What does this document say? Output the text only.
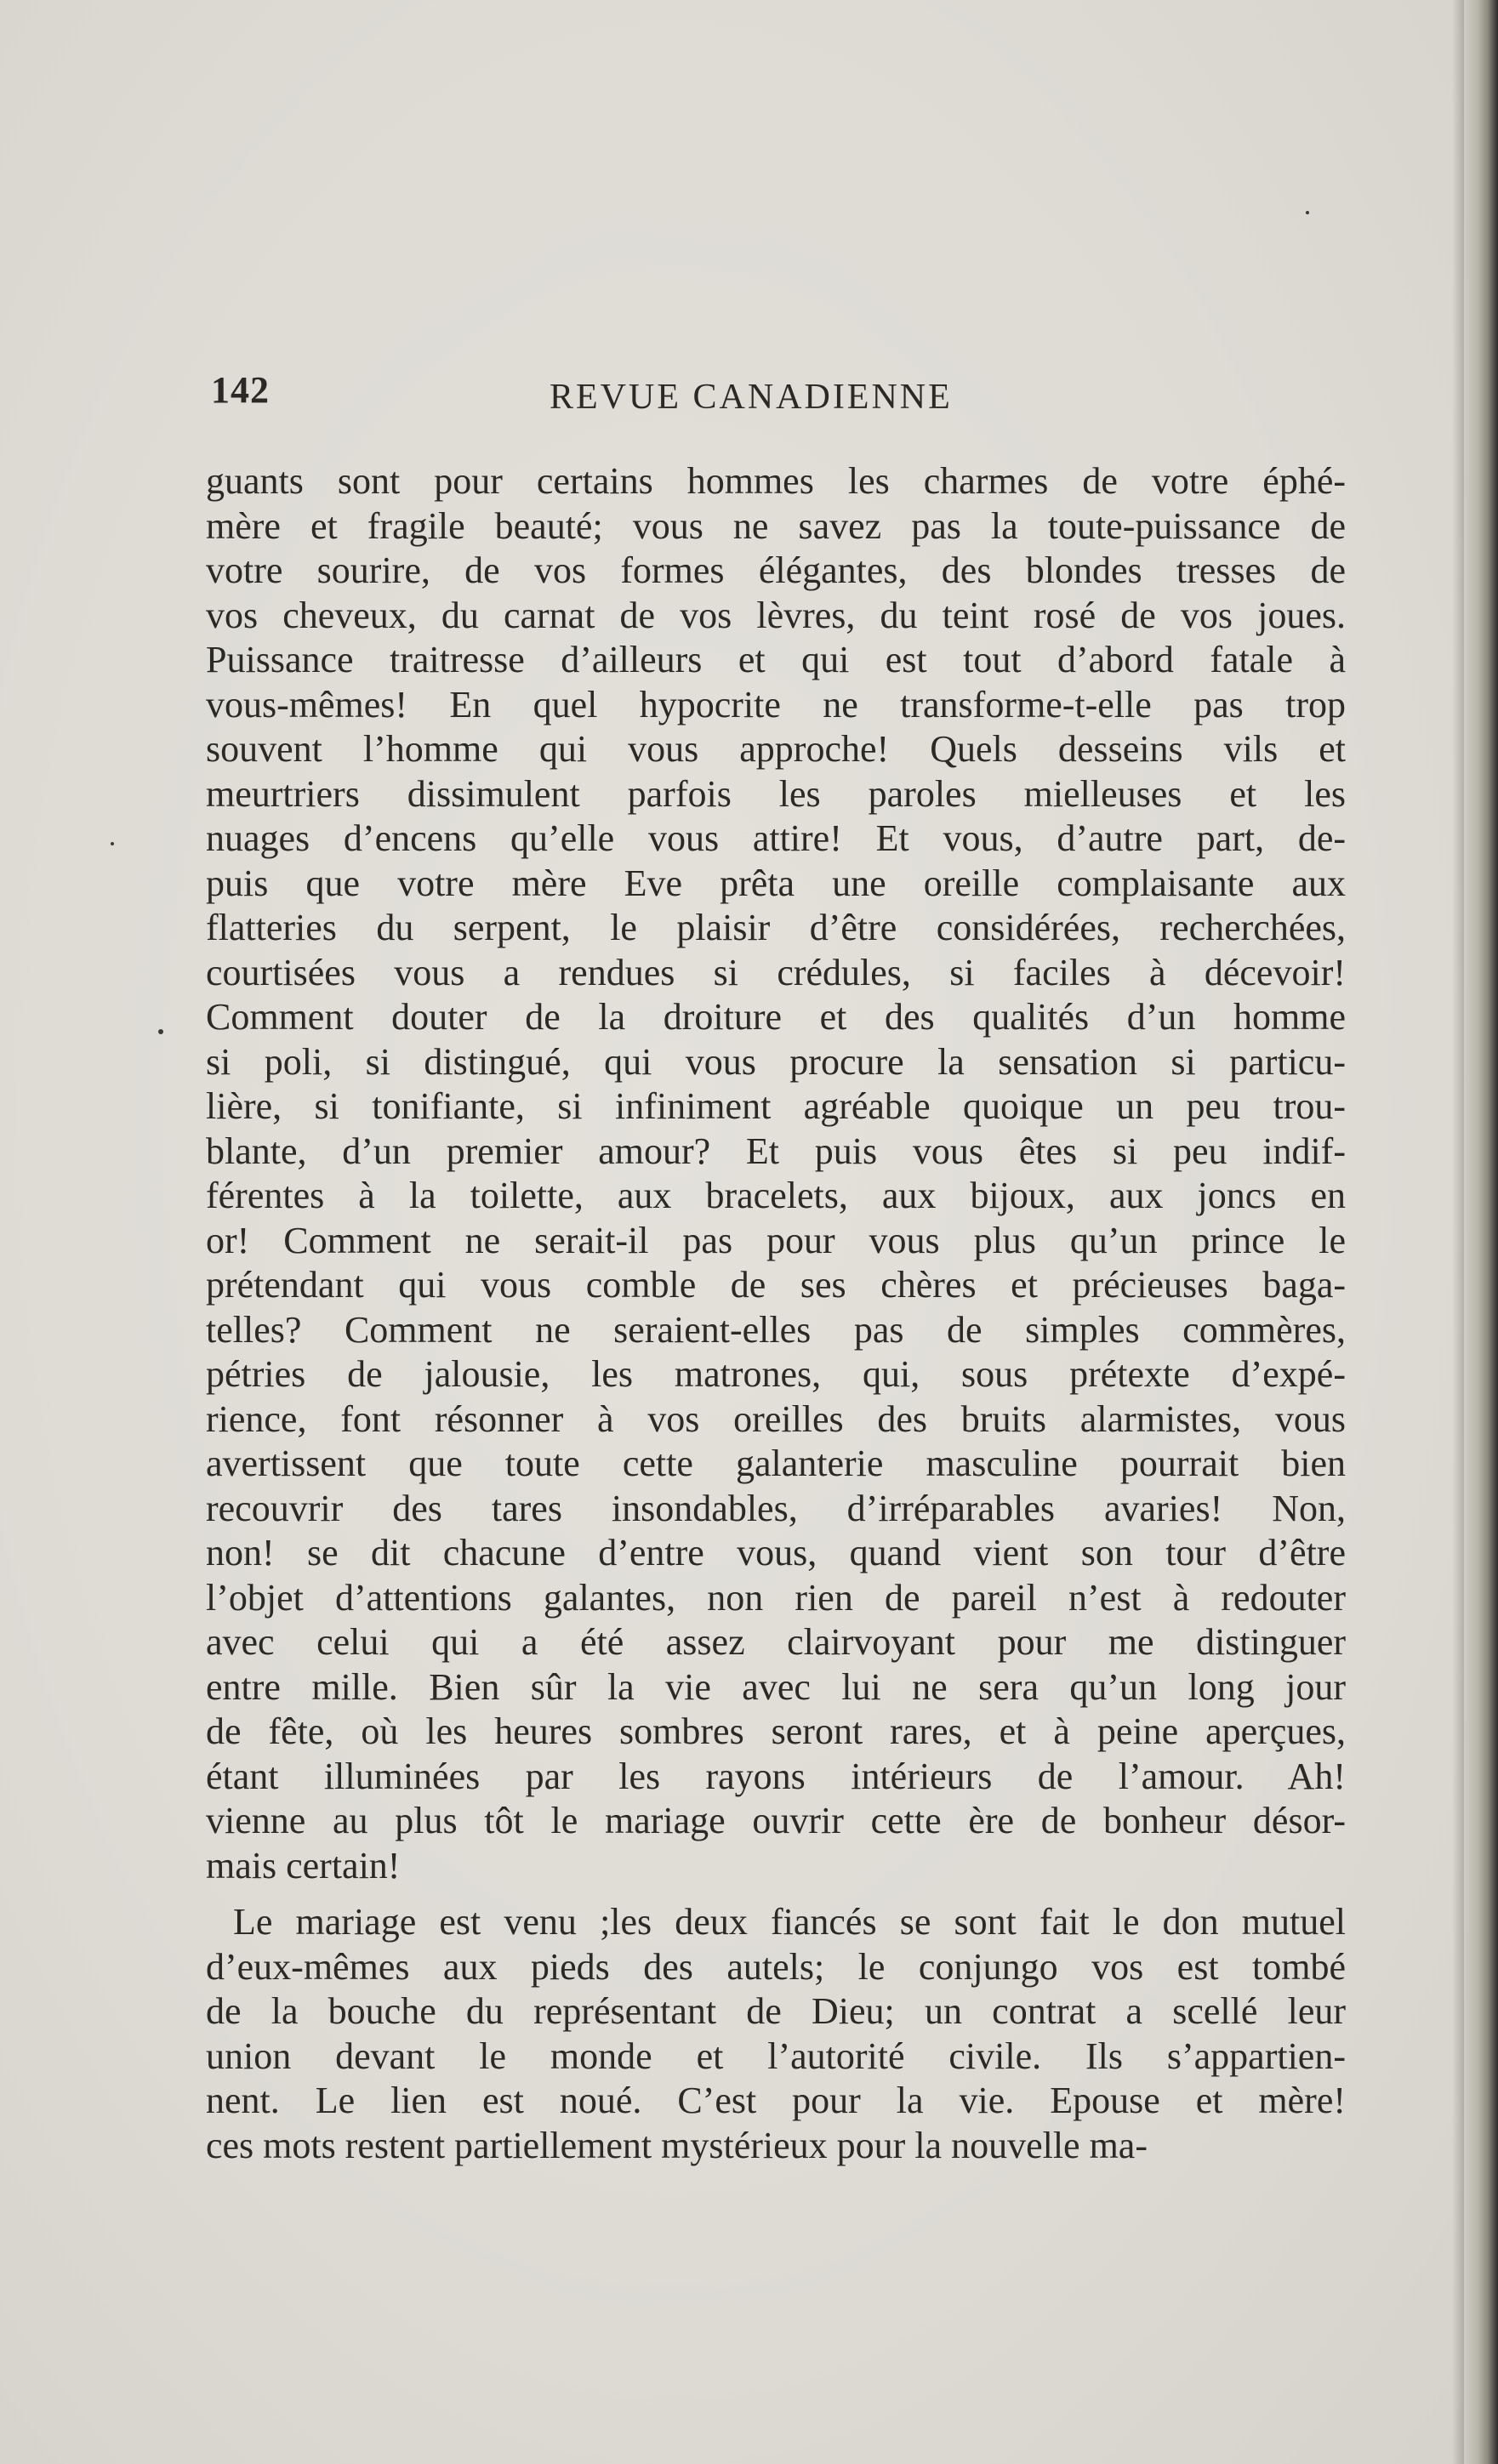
142	REVUE CANADIENNE
guants sont pour certains hommes les charmes de votre éphé-
mère et fragile beauté; vous ne savez pas la toute-puissance de
votre sourire, de vos formes élégantes, des blondes tresses de
vos cheveux, du carnat de vos lèvres, du teint rosé de vos joues.
Puissance traitresse d’ailleurs et qui est tout d’abord fatale à
vous-mêmes! En quel hypocrite ne transforme-t-elle pas trop
souvent l’homme qui vous approche! Quels desseins vils et
meurtriers dissimulent parfois les paroles mielleuses et les
nuages d’encens qu’elle vous attire! Et vous, d’autre part, de-
puis que votre mère Eve prêta une oreille complaisante aux
flatteries du serpent, le plaisir d’être considérées, recherchées,
courtisées vous a rendues si crédules, si faciles à décevoir!
Comment douter de la droiture et des qualités d’un homme
si poli, si distingué, qui vous procure la sensation si particu-
lière, si tonifiante, si infiniment agréable quoique un peu trou-
blante, d’un premier amour? Et puis vous êtes si peu indif-
férentes à la toilette, aux bracelets, aux bijoux, aux joncs en
or! Comment ne serait-il pas pour vous plus qu’un prince le
prétendant qui vous comble de ses chères et précieuses baga-
telles? Comment ne seraient-elles pas de simples commères,
pétries de jalousie, les matrones, qui, sous prétexte d’expé-
rience, font résonner à vos oreilles des bruits alarmistes, vous
avertissent que toute cette galanterie masculine pourrait bien
recouvrir des tares insondables, d’irréparables avaries! Non,
non! se dit chacune d’entre vous, quand vient son tour d’être
l’objet d’attentions galantes, non rien de pareil n’est à redouter
avec celui qui a été assez clairvoyant pour me distinguer
entre mille. Bien sûr la vie avec lui ne sera qu’un long jour
de fête, où les heures sombres seront rares, et à peine aperçues,
étant illuminées par les rayons intérieurs de l’amour. Ah!
vienne au plus tôt le mariage ouvrir cette ère de bonheur désor-
mais certain!
Le mariage est venu ;les deux fiancés se sont fait le don mutuel
d’eux-mêmes aux pieds des autels; le conjungo vos est tombé
de la bouche du représentant de Dieu; un contrat a scellé leur
union devant le monde et l’autorité civile. Ils s’appartien-
nent. Le lien est noué. C’est pour la vie. Epouse et mère!
ces mots restent partiellement mystérieux pour la nouvelle ma-
